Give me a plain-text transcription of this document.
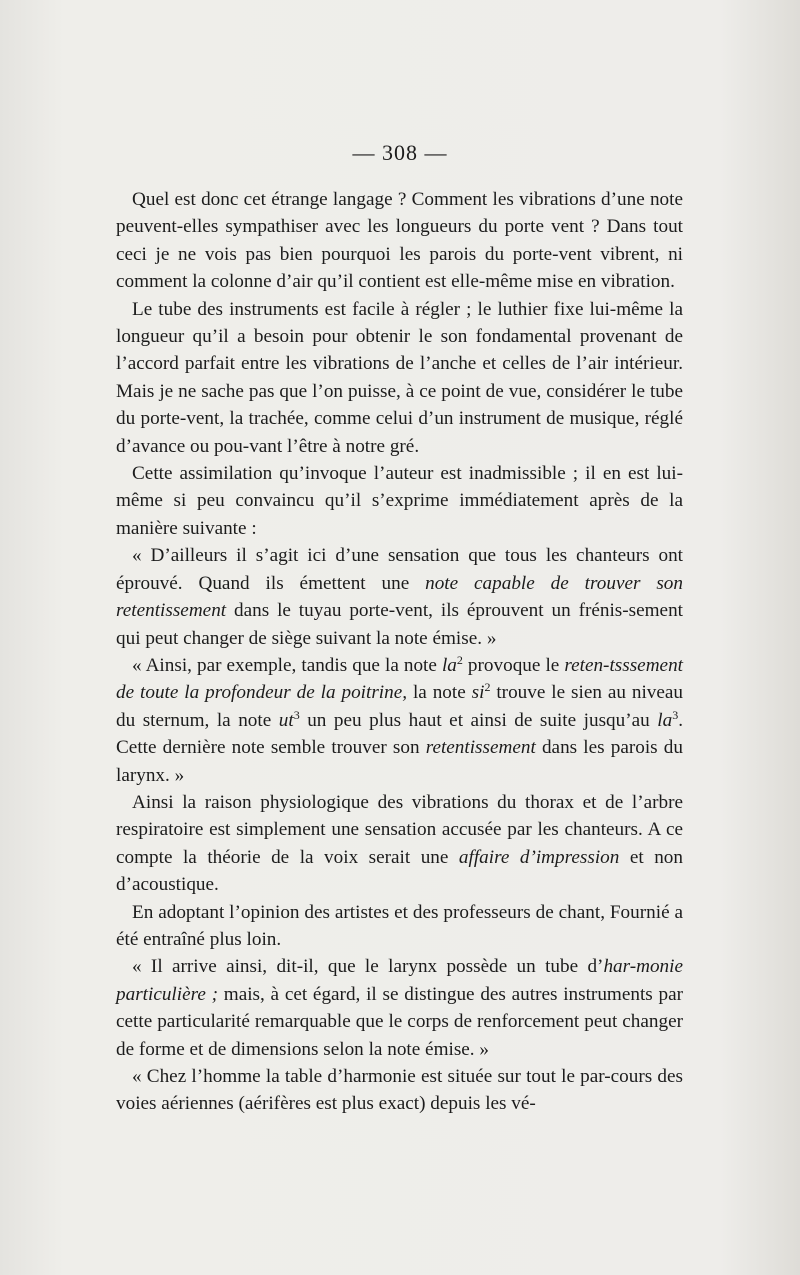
— 308 —

Quel est donc cet étrange langage ? Comment les vibrations d’une note peuvent-elles sympathiser avec les longueurs du porte vent ? Dans tout ceci je ne vois pas bien pourquoi les parois du porte-vent vibrent, ni comment la colonne d’air qu’il contient est elle-même mise en vibration.

Le tube des instruments est facile à régler ; le luthier fixe lui-même la longueur qu’il a besoin pour obtenir le son fondamental provenant de l’accord parfait entre les vibrations de l’anche et celles de l’air intérieur. Mais je ne sache pas que l’on puisse, à ce point de vue, considérer le tube du porte-vent, la trachée, comme celui d’un instrument de musique, réglé d’avance ou pou-vant l’être à notre gré.

Cette assimilation qu’invoque l’auteur est inadmissible ; il en est lui-même si peu convaincu qu’il s’exprime immédiatement après de la manière suivante :

« D’ailleurs il s’agit ici d’une sensation que tous les chanteurs ont éprouvé. Quand ils émettent une note capable de trouver son retentissement dans le tuyau porte-vent, ils éprouvent un frénis-sement qui peut changer de siège suivant la note émise. »

« Ainsi, par exemple, tandis que la note $la^2$ provoque le reten-tsssement de toute la profondeur de la poitrine, la note $si^2$ trouve le sien au niveau du sternum, la note $ut^3$ un peu plus haut et ainsi de suite jusqu’au $la^3$. Cette dernière note semble trouver son retentissement dans les parois du larynx. »

Ainsi la raison physiologique des vibrations du thorax et de l’arbre respiratoire est simplement une sensation accusée par les chanteurs. A ce compte la théorie de la voix serait une affaire d’impression et non d’acoustique.

En adoptant l’opinion des artistes et des professeurs de chant, Fournié a été entraîné plus loin.

« Il arrive ainsi, dit-il, que le larynx possède un tube d’har-monie particulière ; mais, à cet égard, il se distingue des autres instruments par cette particularité remarquable que le corps de renforcement peut changer de forme et de dimensions selon la note émise. »

« Chez l’homme la table d’harmonie est située sur tout le par-cours des voies aériennes (aérifères est plus exact) depuis les vé-
